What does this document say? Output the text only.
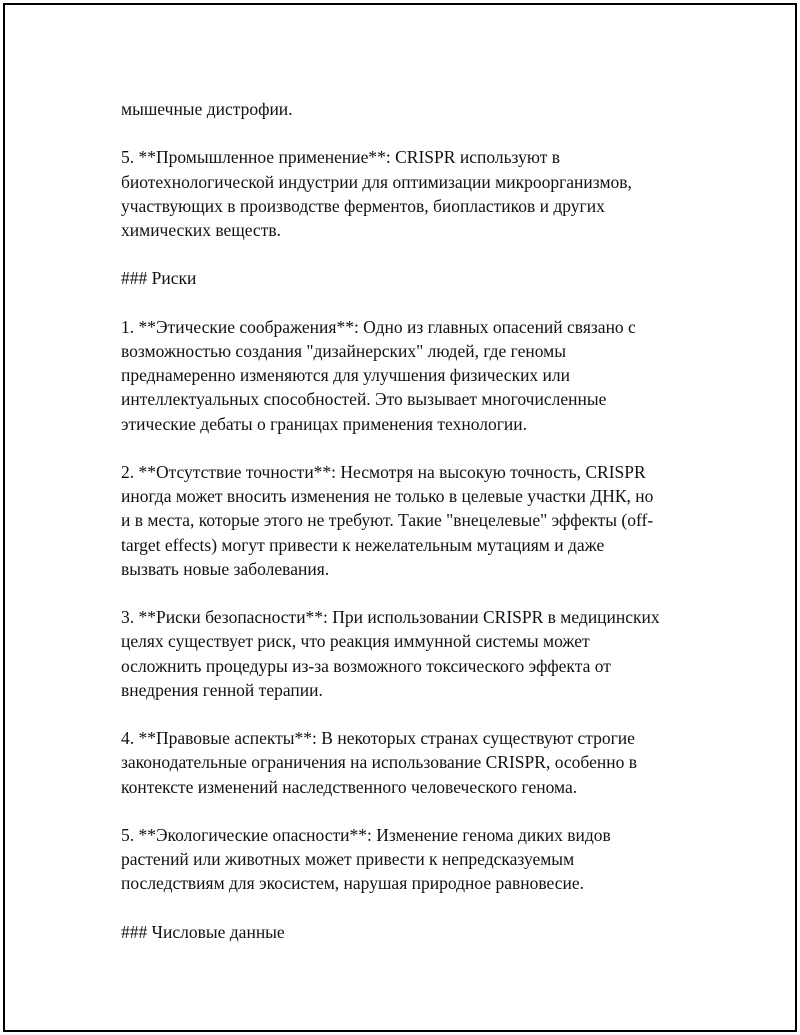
мышечные дистрофии.
5. **Промышленное применение**: CRISPR используют в
биотехнологической индустрии для оптимизации микроорганизмов,
участвующих в производстве ферментов, биопластиков и других
химических веществ.
### Риски
1. **Этические соображения**: Одно из главных опасений связано с
возможностью создания "дизайнерских" людей, где геномы
преднамеренно изменяются для улучшения физических или
интеллектуальных способностей. Это вызывает многочисленные
этические дебаты о границах применения технологии.
2. **Отсутствие точности**: Несмотря на высокую точность, CRISPR
иногда может вносить изменения не только в целевые участки ДНК, но
и в места, которые этого не требуют. Такие "внецелевые" эффекты (off-
target effects) могут привести к нежелательным мутациям и даже
вызвать новые заболевания.
3. **Риски безопасности**: При использовании CRISPR в медицинских
целях существует риск, что реакция иммунной системы может
осложнить процедуры из-за возможного токсического эффекта от
внедрения генной терапии.
4. **Правовые аспекты**: В некоторых странах существуют строгие
законодательные ограничения на использование CRISPR, особенно в
контексте изменений наследственного человеческого генома.
5. **Экологические опасности**: Изменение генома диких видов
растений или животных может привести к непредсказуемым
последствиям для экосистем, нарушая природное равновесие.
### Числовые данные
